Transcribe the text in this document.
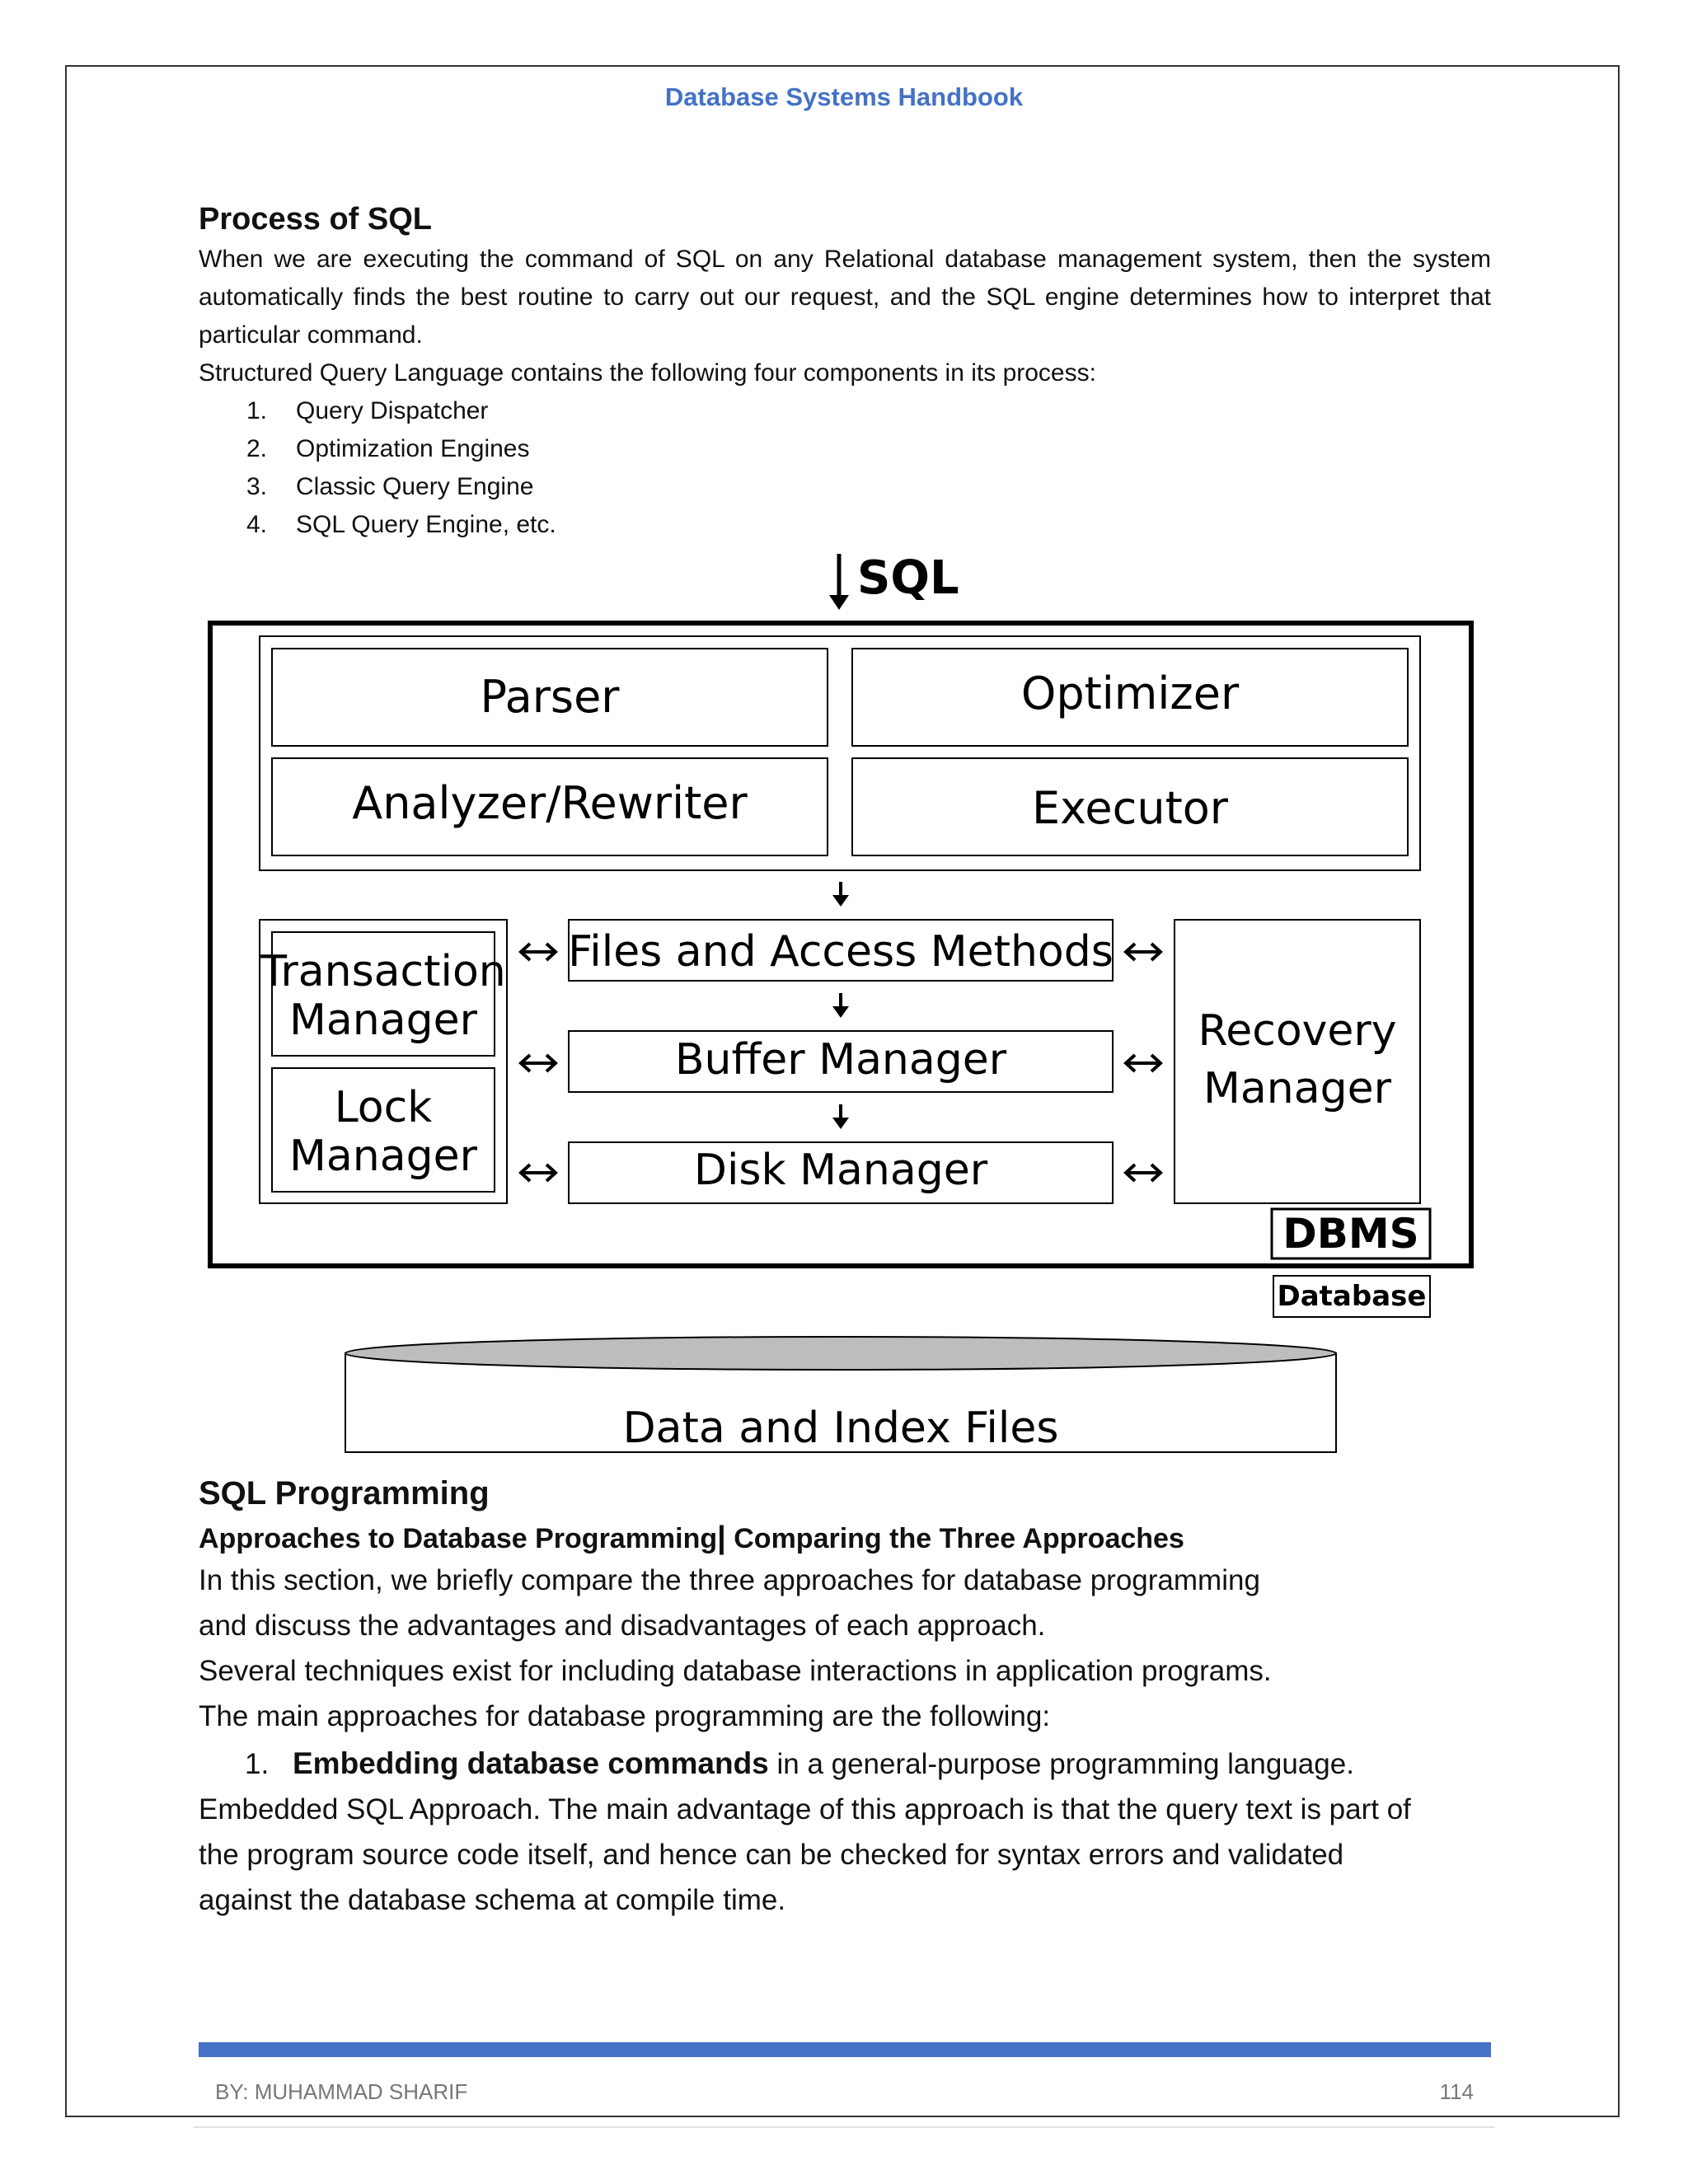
Database Systems Handbook
Process of SQL

When we are executing the command of SQL on any Relational database management system, then the system automatically finds the best routine to carry out our request, and the SQL engine determines how to interpret that particular command.

Structured Query Language contains the following four components in its process:

1.	Query Dispatcher
2.	Optimization Engines
3.	Classic Query Engine
4.	SQL Query Engine, etc.
SQL
Parser	Optimizer
Analyzer/Rewriter	Executor
Transaction
Manager
Lock
Manager
Files and Access Methods
Buffer Manager
Disk Manager
Recovery
Manager
DBMS
Database
Data and Index Files
SQL Programming
Approaches to Database Programming| Comparing the Three Approaches

In this section, we briefly compare the three approaches for database programming

and discuss the advantages and disadvantages of each approach.

Several techniques exist for including database interactions in application programs.

The main approaches for database programming are the following:

1. Embedding database commands in a general-purpose programming language.

Embedded SQL Approach. The main advantage of this approach is that the query text is part of

the program source code itself, and hence can be checked for syntax errors and validated

against the database schema at compile time.

BY: MUHAMMAD SHARIF	114
